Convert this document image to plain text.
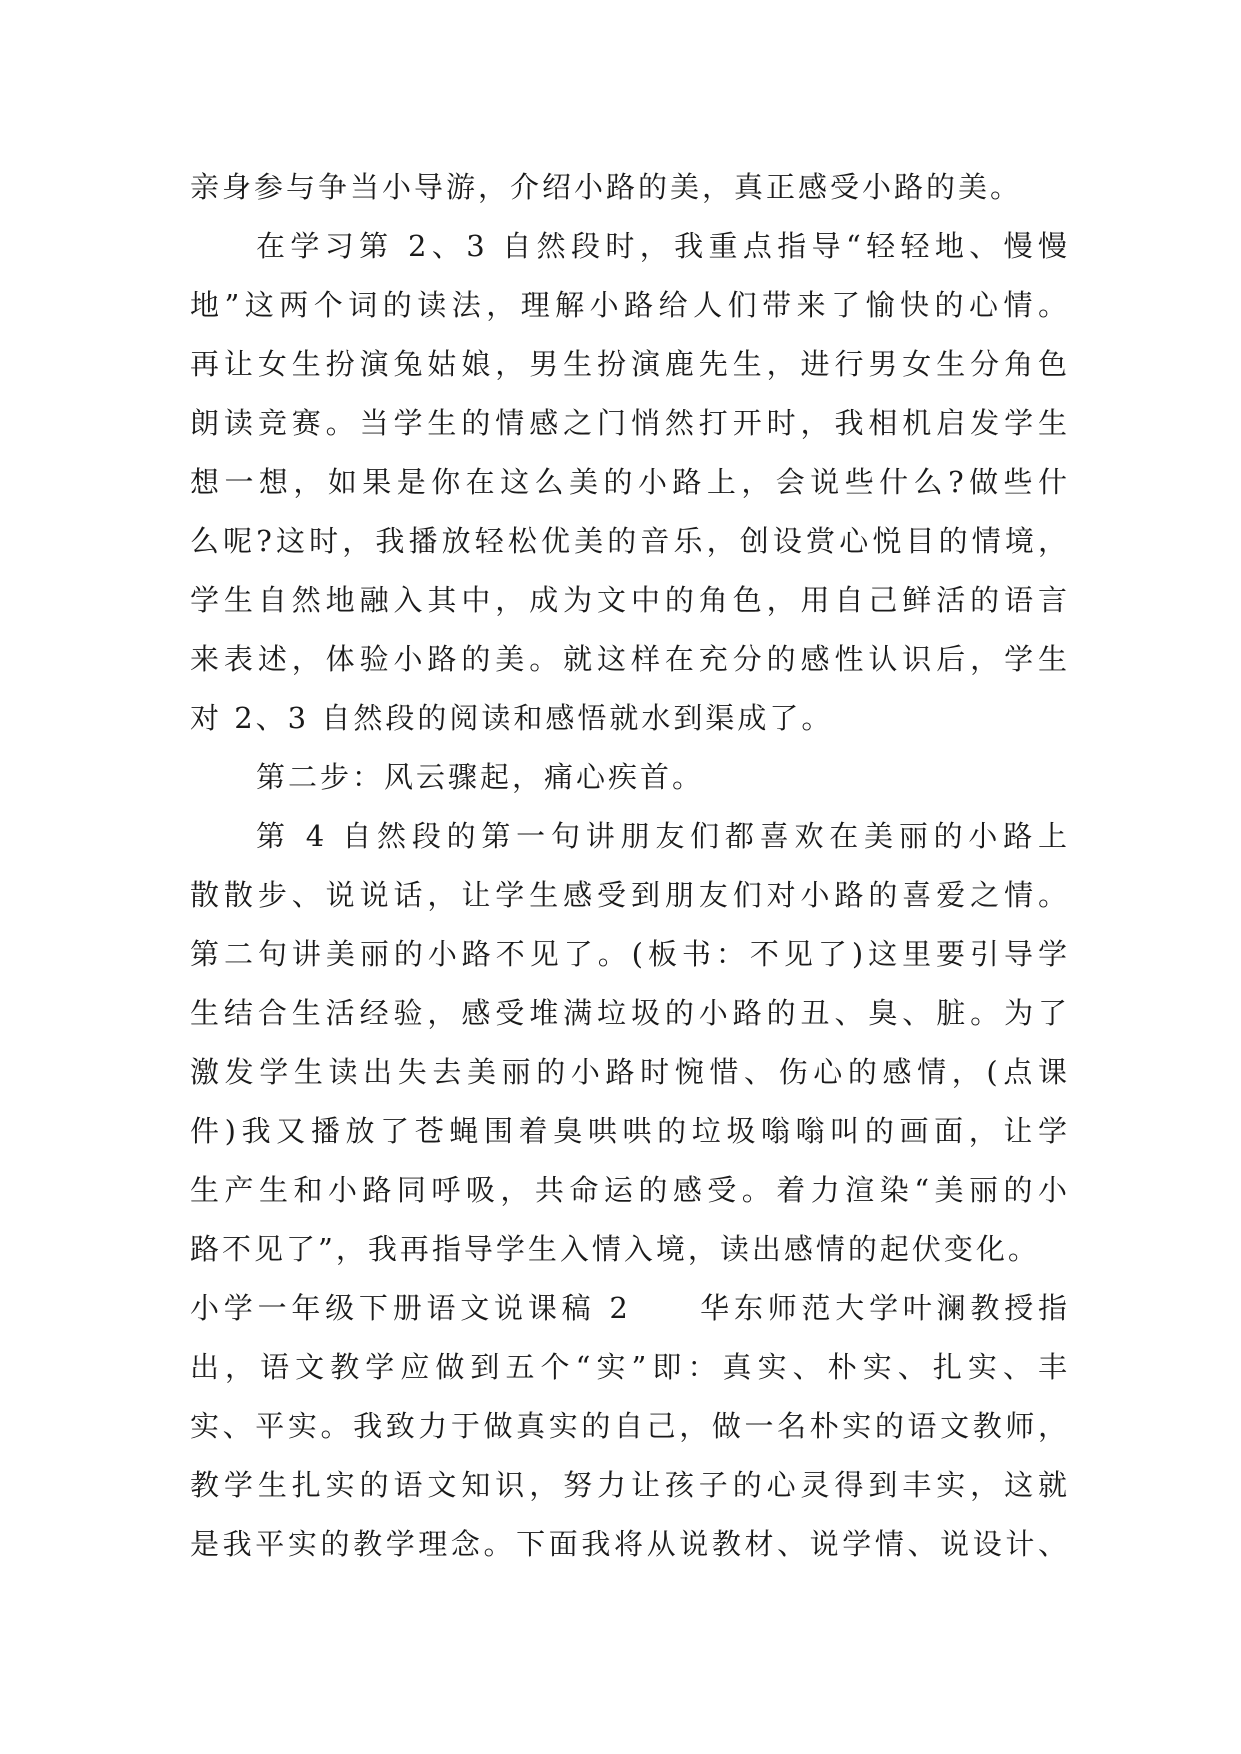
亲身参与争当小导游，介绍小路的美，真正感受小路的美。
在学习第 2、3 自然段时，我重点指导“轻轻地、慢慢
地”这两个词的读法，理解小路给人们带来了愉快的心情。
再让女生扮演兔姑娘，男生扮演鹿先生，进行男女生分角色
朗读竞赛。当学生的情感之门悄然打开时，我相机启发学生
想一想，如果是你在这么美的小路上，会说些什么?做些什
么呢?这时，我播放轻松优美的音乐，创设赏心悦目的情境，
学生自然地融入其中，成为文中的角色，用自己鲜活的语言
来表述，体验小路的美。就这样在充分的感性认识后，学生
对 2、3 自然段的阅读和感悟就水到渠成了。
第二步：风云骤起，痛心疾首。
第 4 自然段的第一句讲朋友们都喜欢在美丽的小路上
散散步、说说话，让学生感受到朋友们对小路的喜爱之情。
第二句讲美丽的小路不见了。(板书：不见了)这里要引导学
生结合生活经验，感受堆满垃圾的小路的丑、臭、脏。为了
激发学生读出失去美丽的小路时惋惜、伤心的感情，(点课
件)我又播放了苍蝇围着臭哄哄的垃圾嗡嗡叫的画面，让学
生产生和小路同呼吸，共命运的感受。着力渲染“美丽的小
路不见了”，我再指导学生入情入境，读出感情的起伏变化。
小学一年级下册语文说课稿 2　　华东师范大学叶澜教授指
出，语文教学应做到五个“实”即：真实、朴实、扎实、丰
实、平实。我致力于做真实的自己，做一名朴实的语文教师，
教学生扎实的语文知识，努力让孩子的心灵得到丰实，这就
是我平实的教学理念。下面我将从说教材、说学情、说设计、
